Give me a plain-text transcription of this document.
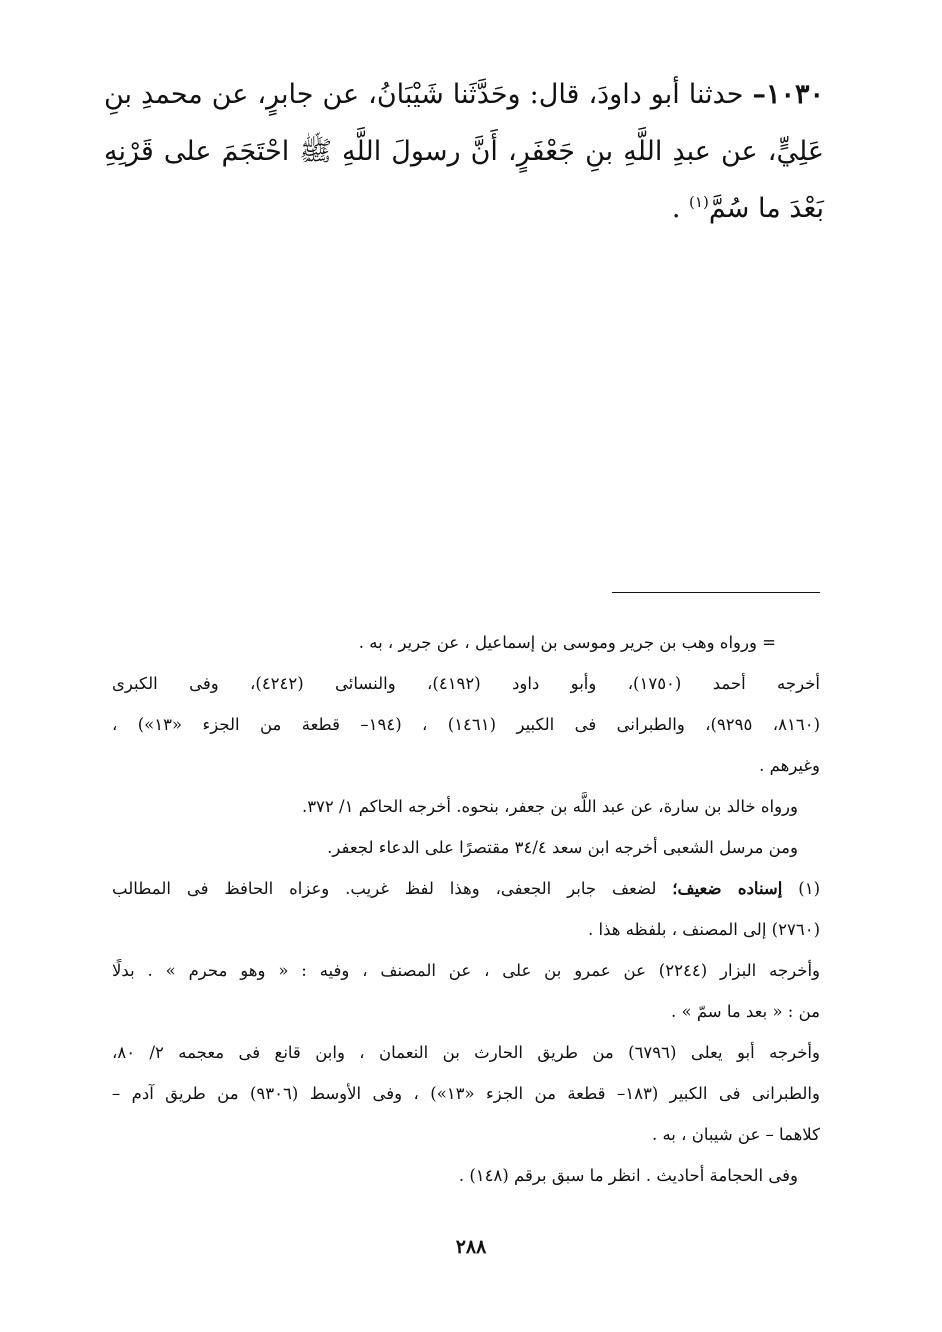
١٠٣٠– حدثنا أبو داودَ، قال: وحَدَّثَنا شَيْبَانُ، عن جابرٍ، عن محمدِ بنِ عَلِيٍّ، عن عبدِ اللَّهِ بنِ جَعْفَرٍ، أَنَّ رسولَ اللَّهِ ﷺ احْتَجَمَ على قَرْنِهِ بَعْدَ ما سُمَّ$^{(١)}$ .
= ورواه وهب بن جرير وموسى بن إسماعيل ، عن جرير ، به .
أخرجه أحمد (١٧٥٠)، وأبو داود (٤١٩٢)، والنسائى (٤٢٤٢)، وفى الكبرى
(٨١٦٠، ٩٢٩٥)، والطبرانى فى الكبير (١٤٦١) ، (١٩٤– قطعة من الجزء «١٣») ،
وغيرهم .
ورواه خالد بن سارة، عن عبد اللَّه بن جعفر، بنحوه. أخرجه الحاكم ١/ ٣٧٢.
ومن مرسل الشعبى أخرجه ابن سعد ٣٤/٤ مقتصرًا على الدعاء لجعفر.
(١) إسناده ضعيف؛ لضعف جابر الجعفى، وهذا لفظ غريب. وعزاه الحافظ فى المطالب
(٢٧٦٠) إلى المصنف ، بلفظه هذا .
وأخرجه البزار (٢٢٤٤) عن عمرو بن على ، عن المصنف ، وفيه : « وهو محرم » . بدلًا
من : « بعد ما سمّ » .
وأخرجه أبو يعلى (٦٧٩٦) من طريق الحارث بن النعمان ، وابن قانع فى معجمه ٢/ ٨٠،
والطبرانى فى الكبير (١٨٣– قطعة من الجزء «١٣») ، وفى الأوسط (٩٣٠٦) من طريق آدم –
كلاهما – عن شيبان ، به .
وفى الحجامة أحاديث . انظر ما سبق برقم (١٤٨) .
٢٨٨
